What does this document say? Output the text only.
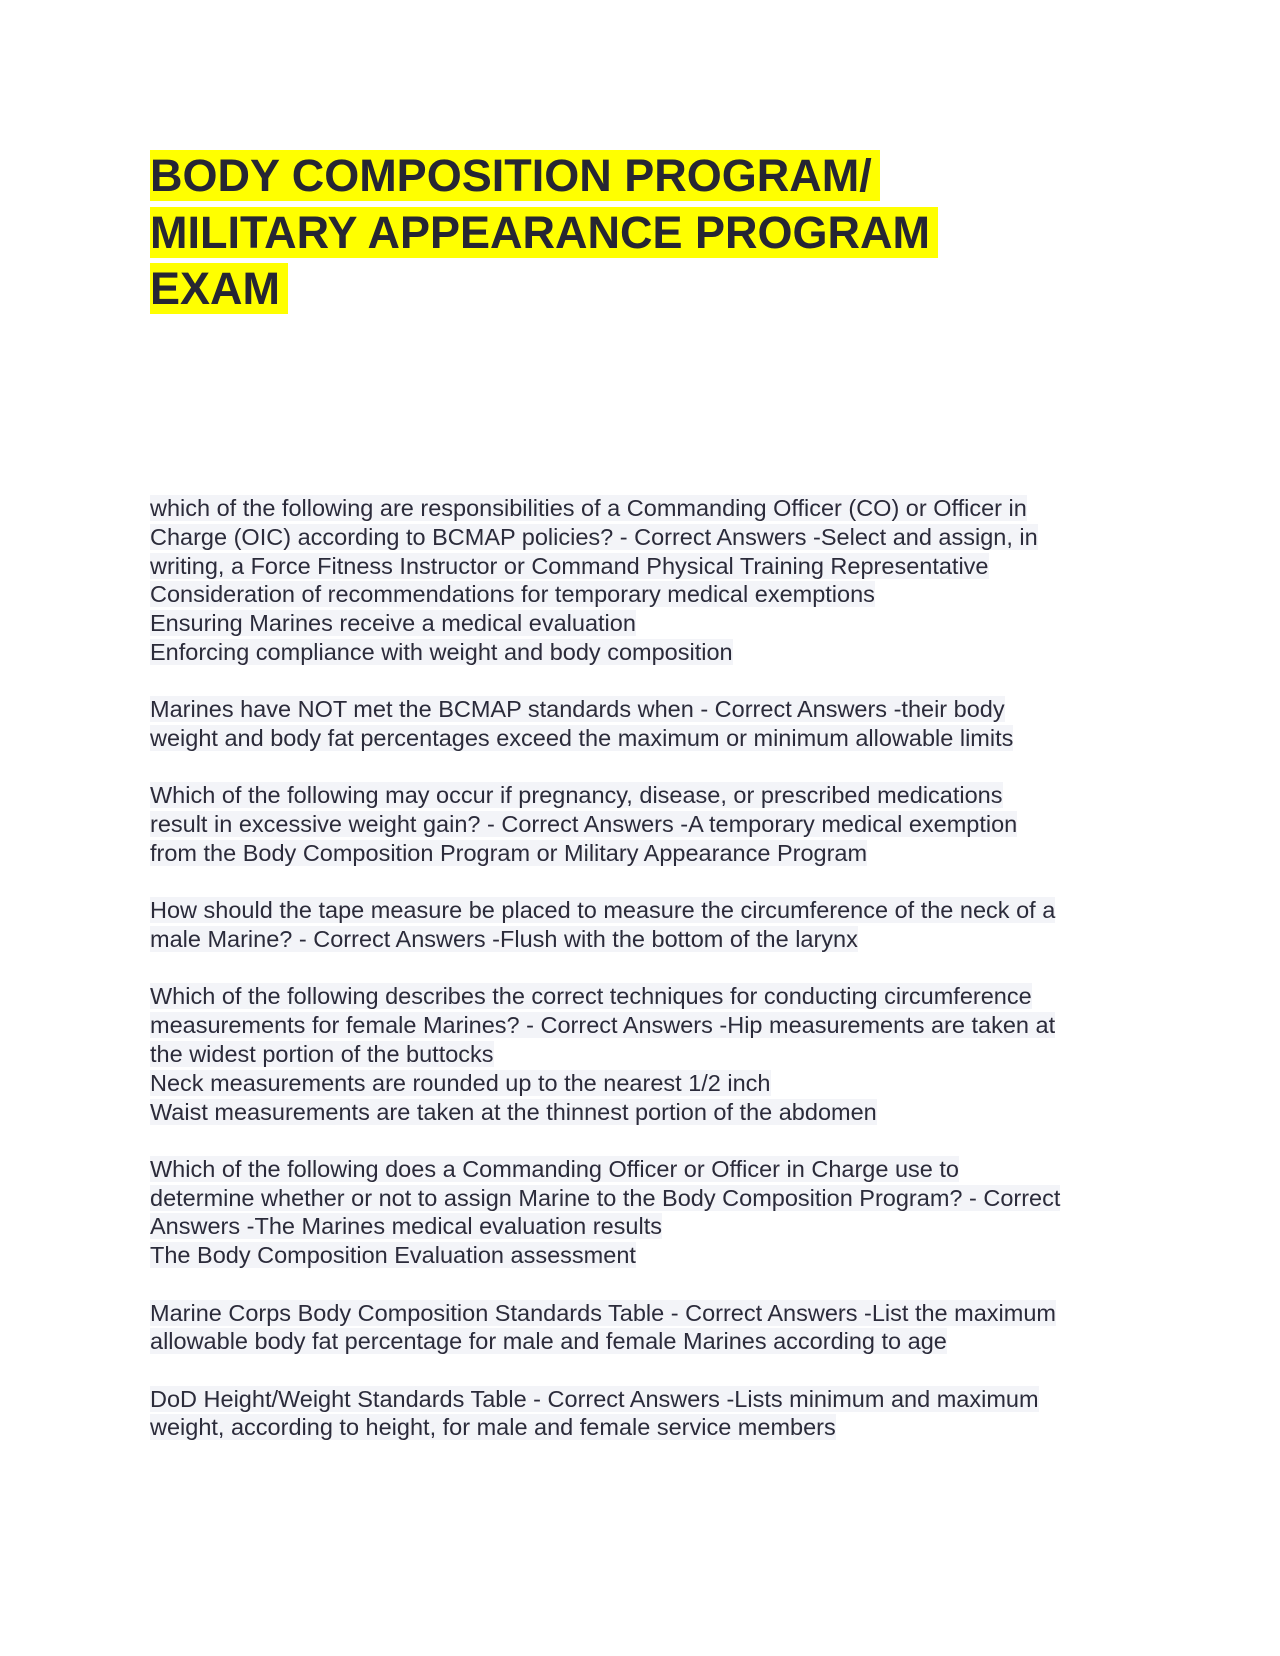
BODY COMPOSITION PROGRAM/
MILITARY APPEARANCE PROGRAM
EXAM
which of the following are responsibilities of a Commanding Officer (CO) or Officer in
Charge (OIC) according to BCMAP policies? - Correct Answers -Select and assign, in
writing, a Force Fitness Instructor or Command Physical Training Representative
Consideration of recommendations for temporary medical exemptions
Ensuring Marines receive a medical evaluation
Enforcing compliance with weight and body composition
Marines have NOT met the BCMAP standards when - Correct Answers -their body
weight and body fat percentages exceed the maximum or minimum allowable limits
Which of the following may occur if pregnancy, disease, or prescribed medications
result in excessive weight gain? - Correct Answers -A temporary medical exemption
from the Body Composition Program or Military Appearance Program
How should the tape measure be placed to measure the circumference of the neck of a
male Marine? - Correct Answers -Flush with the bottom of the larynx
Which of the following describes the correct techniques for conducting circumference
measurements for female Marines? - Correct Answers -Hip measurements are taken at
the widest portion of the buttocks
Neck measurements are rounded up to the nearest 1/2 inch
Waist measurements are taken at the thinnest portion of the abdomen
Which of the following does a Commanding Officer or Officer in Charge use to
determine whether or not to assign Marine to the Body Composition Program? - Correct
Answers -The Marines medical evaluation results
The Body Composition Evaluation assessment
Marine Corps Body Composition Standards Table - Correct Answers -List the maximum
allowable body fat percentage for male and female Marines according to age
DoD Height/Weight Standards Table - Correct Answers -Lists minimum and maximum
weight, according to height, for male and female service members
